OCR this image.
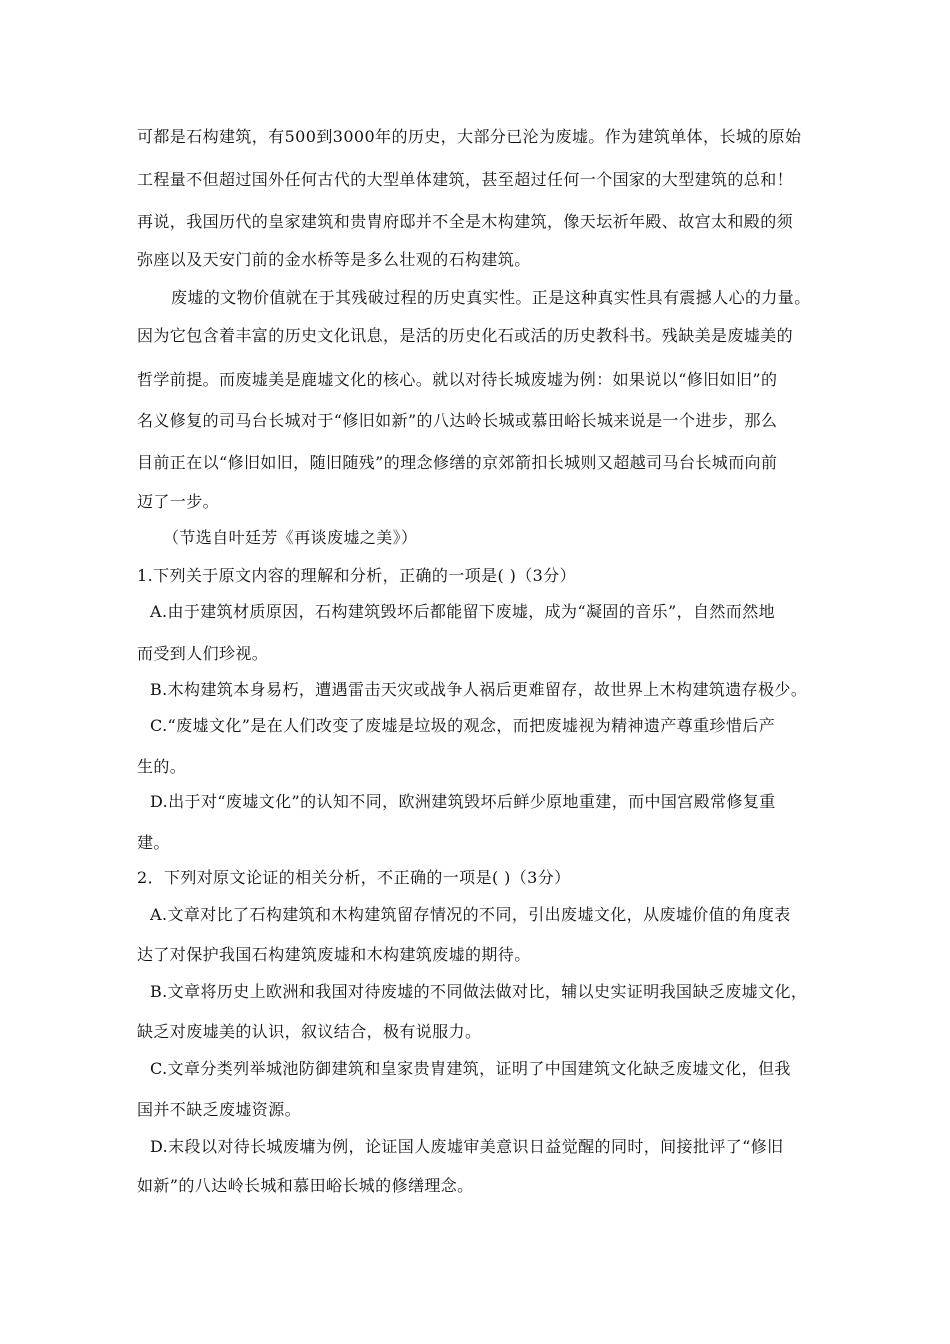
可都是石构建筑，有500到3000年的历史，大部分已沦为废墟。作为建筑单体，长城的原始
工程量不但超过国外任何古代的大型单体建筑，甚至超过任何一个国家的大型建筑的总和！
再说，我国历代的皇家建筑和贵胄府邸并不全是木构建筑，像天坛祈年殿、故宫太和殿的须
弥座以及天安门前的金水桥等是多么壮观的石构建筑。
废墟的文物价值就在于其残破过程的历史真实性。正是这种真实性具有震撼人心的力量。
因为它包含着丰富的历史文化讯息，是活的历史化石或活的历史教科书。残缺美是废墟美的
哲学前提。而废墟美是鹿墟文化的核心。就以对待长城废墟为例：如果说以“修旧如旧”的
名义修复的司马台长城对于“修旧如新”的八达岭长城或慕田峪长城来说是一个进步，那么
目前正在以“修旧如旧，随旧随残”的理念修缮的京郊箭扣长城则又超越司马台长城而向前
迈了一步。
（节选自叶廷芳《再谈废墟之美》）
1.下列关于原文内容的理解和分析，正确的一项是( )（3分）
A.由于建筑材质原因，石构建筑毁坏后都能留下废墟，成为“凝固的音乐”，自然而然地
而受到人们珍视。
B.木构建筑本身易朽，遭遇雷击天灾或战争人祸后更难留存，故世界上木构建筑遗存极少。
C.“废墟文化”是在人们改变了废墟是垃圾的观念，而把废墟视为精神遗产尊重珍惜后产
生的。
D.出于对“废墟文化”的认知不同，欧洲建筑毁坏后鲜少原地重建，而中国宫殿常修复重
建。
2．下列对原文论证的相关分析，不正确的一项是( )（3分）
A.文章对比了石构建筑和木构建筑留存情况的不同，引出废墟文化，从废墟价值的角度表
达了对保护我国石构建筑废墟和木构建筑废墟的期待。
B.文章将历史上欧洲和我国对待废墟的不同做法做对比，辅以史实证明我国缺乏废墟文化，
缺乏对废墟美的认识，叙议结合，极有说服力。
C.文章分类列举城池防御建筑和皇家贵胄建筑，证明了中国建筑文化缺乏废墟文化，但我
国并不缺乏废墟资源。
D.末段以对待长城废墉为例，论证国人废墟审美意识日益觉醒的同时，间接批评了“修旧
如新”的八达岭长城和慕田峪长城的修缮理念。
